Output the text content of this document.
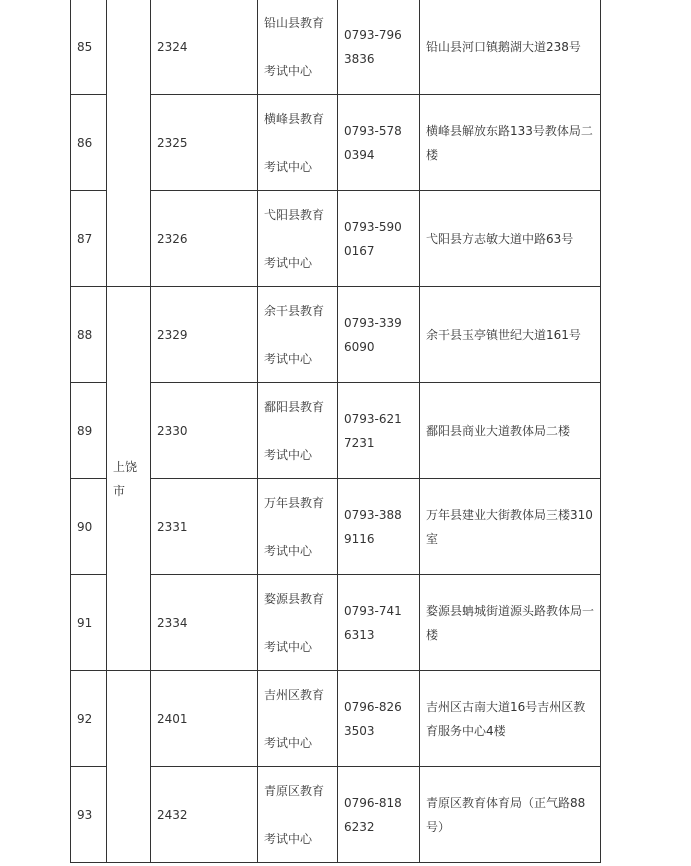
85		2324	铅山县教育
考试中心	0793-7963836	铅山县河口镇鹅湖大道238号

86		2325	横峰县教育
考试中心	0793-5780394	横峰县解放东路133号教体局二楼

87		2326	弋阳县教育
考试中心	0793-5900167	弋阳县方志敏大道中路63号

88	上饶市	2329	余干县教育
考试中心	0793-3396090	余干县玉亭镇世纪大道161号

89		2330	鄱阳县教育
考试中心	0793-6217231	鄱阳县商业大道教体局二楼

90		2331	万年县教育
考试中心	0793-3889116	万年县建业大街教体局三楼310室

91		2334	婺源县教育
考试中心	0793-7416313	婺源县蚺城街道源头路教体局一楼

92		2401	吉州区教育
考试中心	0796-8263503	吉州区古南大道16号吉州区教育服务中心4楼

93		2432	青原区教育
考试中心	0796-8186232	青原区教育体育局（正气路88号）
